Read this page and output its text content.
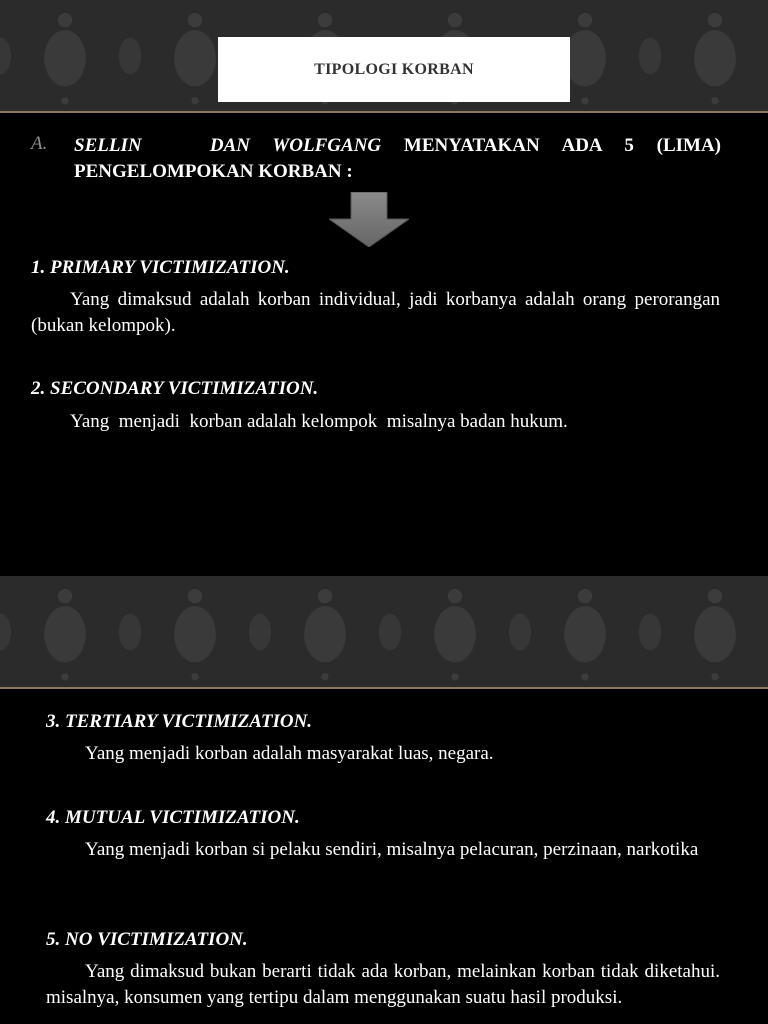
TIPOLOGI KORBAN
A. SELLIN   DAN WOLFGANG MENYATAKAN ADA 5 (LIMA)
PENGELOMPOKAN KORBAN :
1. PRIMARY VICTIMIZATION.
Yang dimaksud adalah korban individual, jadi korbanya adalah orang perorangan (bukan kelompok).
2. SECONDARY VICTIMIZATION.
Yang  menjadi  korban adalah kelompok  misalnya badan hukum.
3. TERTIARY VICTIMIZATION.
Yang menjadi korban adalah masyarakat luas, negara.
4. MUTUAL VICTIMIZATION.
Yang menjadi korban si pelaku sendiri, misalnya pelacuran, perzinaan, narkotika
5. NO VICTIMIZATION.
Yang dimaksud bukan berarti tidak ada korban, melainkan korban tidak diketahui. misalnya, konsumen yang tertipu dalam menggunakan suatu hasil produksi.
